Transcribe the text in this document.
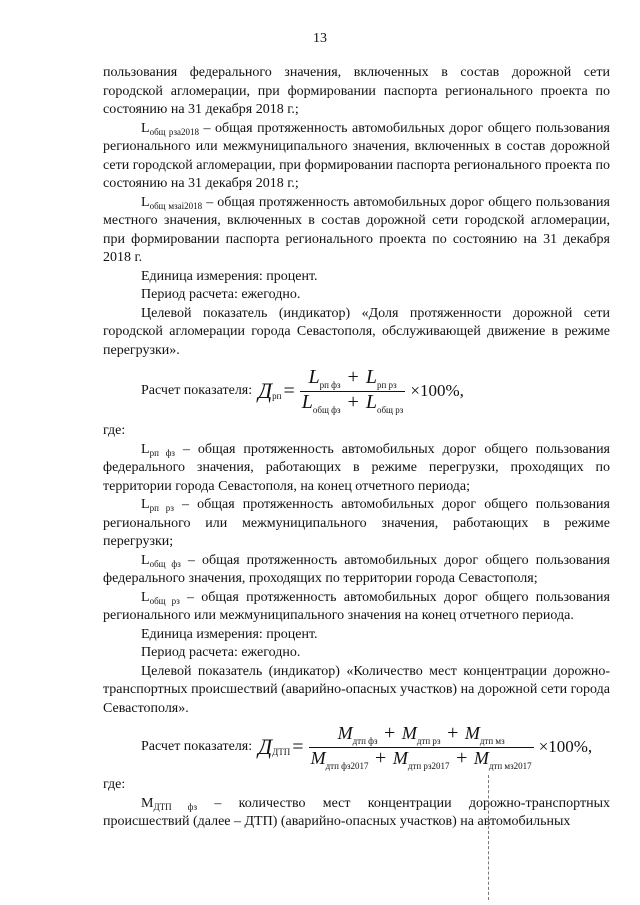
13

пользования федерального значения, включенных в состав дорожной сети городской агломерации, при формировании паспорта регионального проекта по состоянию на 31 декабря 2018 г.;

$L_{общ рза2018}$ – общая протяженность автомобильных дорог общего пользования регионального или межмуниципального значения, включенных в состав дорожной сети городской агломерации, при формировании паспорта регионального проекта по состоянию на 31 декабря 2018 г.;

$L_{общ мзаі2018}$ – общая протяженность автомобильных дорог общего пользования местного значения, включенных в состав дорожной сети городской агломерации, при формировании паспорта регионального проекта по состоянию на 31 декабря 2018 г.

Единица измерения: процент.

Период расчета: ежегодно.

Целевой показатель (индикатор) «Доля протяженности дорожной сети городской агломерации города Севастополя, обслуживающей движение в режиме перегрузки».

Расчет показателя: Д рп = $\frac{L_{рп фз} + L_{рп рз}}{L_{общ фз} + L_{общ рз}} \times 100\%$,

где:

$L_{рп фз}$ – общая протяженность автомобильных дорог общего пользования федерального значения, работающих в режиме перегрузки, проходящих по территории города Севастополя, на конец отчетного периода;

$L_{рп рз}$ – общая протяженность автомобильных дорог общего пользования регионального или межмуниципального значения, работающих в режиме перегрузки;

$L_{общ фз}$ – общая протяженность автомобильных дорог общего пользования федерального значения, проходящих по территории города Севастополя;

$L_{общ рз}$ – общая протяженность автомобильных дорог общего пользования регионального или межмуниципального значения на конец отчетного периода.

Единица измерения: процент.

Период расчета: ежегодно.

Целевой показатель (индикатор) «Количество мест концентрации дорожно-транспортных происшествий (аварийно-опасных участков) на дорожной сети города Севастополя».

Расчет показателя: Д ДТП = $\frac{M_{дтп фз} + M_{дтп рз} + M_{дтп мз}}{M_{дтп фз2017} + M_{дтп рз2017} + M_{дтп мз2017}} \times 100\%$,

где:

$М_{ДТП фз}$ – количество мест концентрации дорожно-транспортных происшествий (далее – ДТП) (аварийно-опасных участков) на автомобильных
